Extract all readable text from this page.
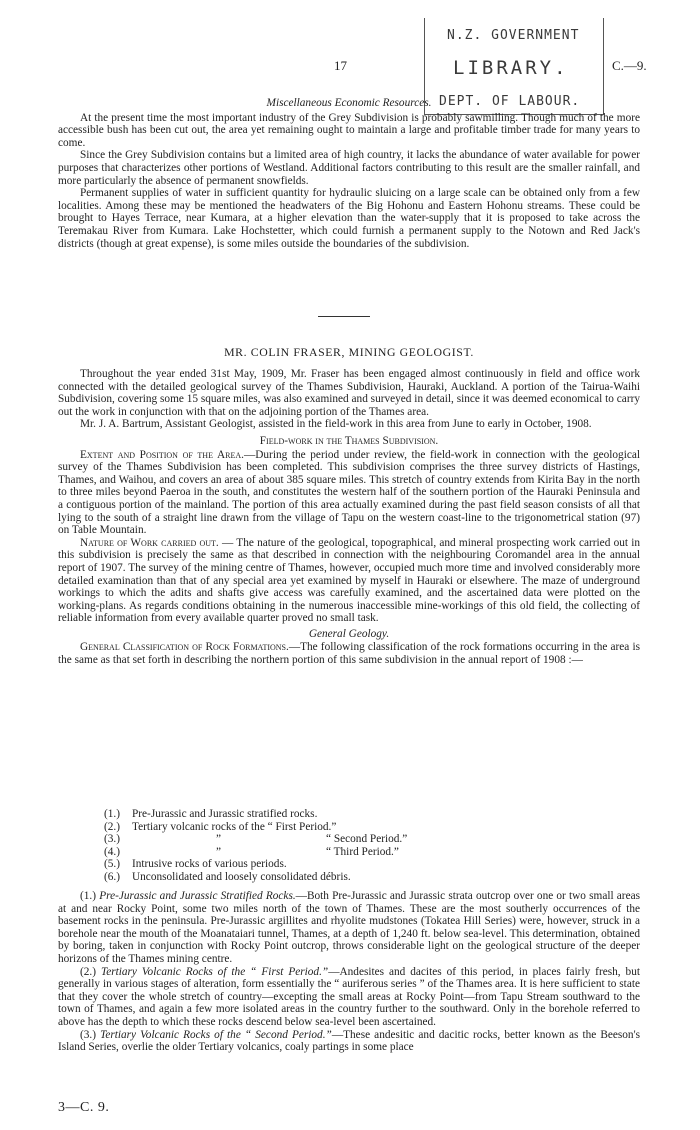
17	C.—9.
N.Z. GOVERNMENT
LIBRARY.
DEPT. OF LABOUR.

Miscellaneous Economic Resources.

At the present time the most important industry of the Grey Subdivision is probably sawmilling. Though much of the more accessible bush has been cut out, the area yet remaining ought to maintain a large and profitable timber trade for many years to come.

Since the Grey Subdivision contains but a limited area of high country, it lacks the abundance of water available for power purposes that characterizes other portions of Westland. Additional factors contributing to this result are the smaller rainfall, and more particularly the absence of permanent snowfields.

Permanent supplies of water in sufficient quantity for hydraulic sluicing on a large scale can be obtained only from a few localities. Among these may be mentioned the headwaters of the Big Hohonu and Eastern Hohonu streams. These could be brought to Hayes Terrace, near Kumara, at a higher elevation than the water-supply that it is proposed to take across the Teremakau River from Kumara. Lake Hochstetter, which could furnish a permanent supply to the Notown and Red Jack's districts (though at great expense), is some miles outside the boundaries of the subdivision.

MR. COLIN FRASER, MINING GEOLOGIST.

Throughout the year ended 31st May, 1909, Mr. Fraser has been engaged almost continuously in field and office work connected with the detailed geological survey of the Thames Subdivision, Hauraki, Auckland. A portion of the Tairua-Waihi Subdivision, covering some 15 square miles, was also examined and surveyed in detail, since it was deemed economical to carry out the work in conjunction with that on the adjoining portion of the Thames area.

Mr. J. A. Bartrum, Assistant Geologist, assisted in the field-work in this area from June to early in October, 1908.

Field-work in the Thames Subdivision.

Extent and Position of the Area.—During the period under review, the field-work in connection with the geological survey of the Thames Subdivision has been completed. This subdivision comprises the three survey districts of Hastings, Thames, and Waihou, and covers an area of about 385 square miles. This stretch of country extends from Kirita Bay in the north to three miles beyond Paeroa in the south, and constitutes the western half of the southern portion of the Hauraki Peninsula and a contiguous portion of the mainland. The portion of this area actually examined during the past field season consists of all that lying to the south of a straight line drawn from the village of Tapu on the western coast-line to the trigonometrical station (97) on Table Mountain.

Nature of Work carried out. — The nature of the geological, topographical, and mineral prospecting work carried out in this subdivision is precisely the same as that described in connection with the neighbouring Coromandel area in the annual report of 1907. The survey of the mining centre of Thames, however, occupied much more time and involved considerably more detailed examination than that of any special area yet examined by myself in Hauraki or elsewhere. The maze of underground workings to which the adits and shafts give access was carefully examined, and the ascertained data were plotted on the working-plans. As regards conditions obtaining in the numerous inaccessible mine-workings of this old field, the collecting of reliable information from every available quarter proved no small task.

General Geology.

General Classification of Rock Formations.—The following classification of the rock formations occurring in the area is the same as that set forth in describing the northern portion of this same subdivision in the annual report of 1908 :—

(1.)	Pre-Jurassic and Jurassic stratified rocks.
(2.)	Tertiary volcanic rocks of the “ First Period.”
(3.)	”	“ Second Period.”
(4.)	”	“ Third Period.”
(5.)	Intrusive rocks of various periods.
(6.)	Unconsolidated and loosely consolidated débris.

(1.) Pre-Jurassic and Jurassic Stratified Rocks.—Both Pre-Jurassic and Jurassic strata outcrop over one or two small areas at and near Rocky Point, some two miles north of the town of Thames. These are the most southerly occurrences of the basement rocks in the peninsula. Pre-Jurassic argillites and rhyolite mudstones (Tokatea Hill Series) were, however, struck in a borehole near the mouth of the Moanataiari tunnel, Thames, at a depth of 1,240 ft. below sea-level. This determination, obtained by boring, taken in conjunction with Rocky Point outcrop, throws considerable light on the geological structure of the deeper horizons of the Thames mining centre.

(2.) Tertiary Volcanic Rocks of the “ First Period.”—Andesites and dacites of this period, in places fairly fresh, but generally in various stages of alteration, form essentially the “ auriferous series ” of the Thames area. It is here sufficient to state that they cover the whole stretch of country—excepting the small areas at Rocky Point—from Tapu Stream southward to the town of Thames, and again a few more isolated areas in the country further to the southward. Only in the borehole referred to above has the depth to which these rocks descend below sea-level been ascertained.

(3.) Tertiary Volcanic Rocks of the “ Second Period.”—These andesitic and dacitic rocks, better known as the Beeson's Island Series, overlie the older Tertiary volcanics, coaly partings in some place

3—C. 9.
